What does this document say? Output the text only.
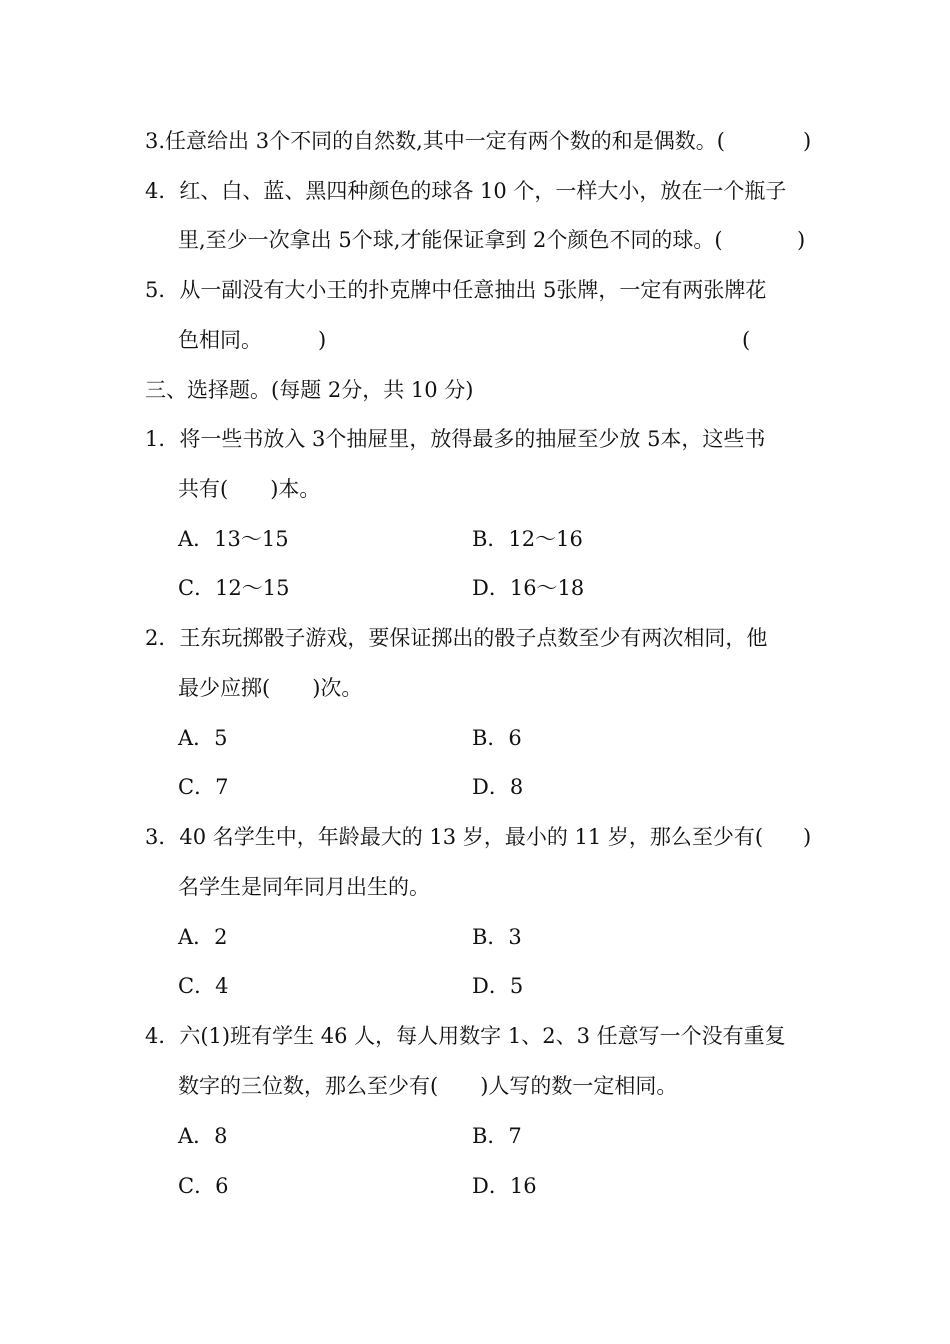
3.任意给出 3个不同的自然数,其中一定有两个数的和是偶数。(	)
4．红、白、蓝、黑四种颜色的球各 10 个，一样大小，放在一个瓶子
里,至少一次拿出 5个球,才能保证拿到 2个颜色不同的球。(	)
5．从一副没有大小王的扑克牌中任意抽出 5张牌，一定有两张牌花
色相同。	)	(
三、选择题。(每题 2分，共 10 分)
1．将一些书放入 3个抽屉里，放得最多的抽屉至少放 5本，这些书
共有(　　)本。
A．13～15	B．12～16
C．12～15	D．16～18
2．王东玩掷骰子游戏，要保证掷出的骰子点数至少有两次相同，他
最少应掷(　　)次。
A．5	B．6
C．7	D．8
3．40 名学生中，年龄最大的 13 岁，最小的 11 岁，那么至少有( )
名学生是同年同月出生的。
A．2	B．3
C．4	D．5
4．六(1)班有学生 46 人，每人用数字 1、2、3 任意写一个没有重复
数字的三位数，那么至少有(　　)人写的数一定相同。
A．8	B．7
C．6	D．16
